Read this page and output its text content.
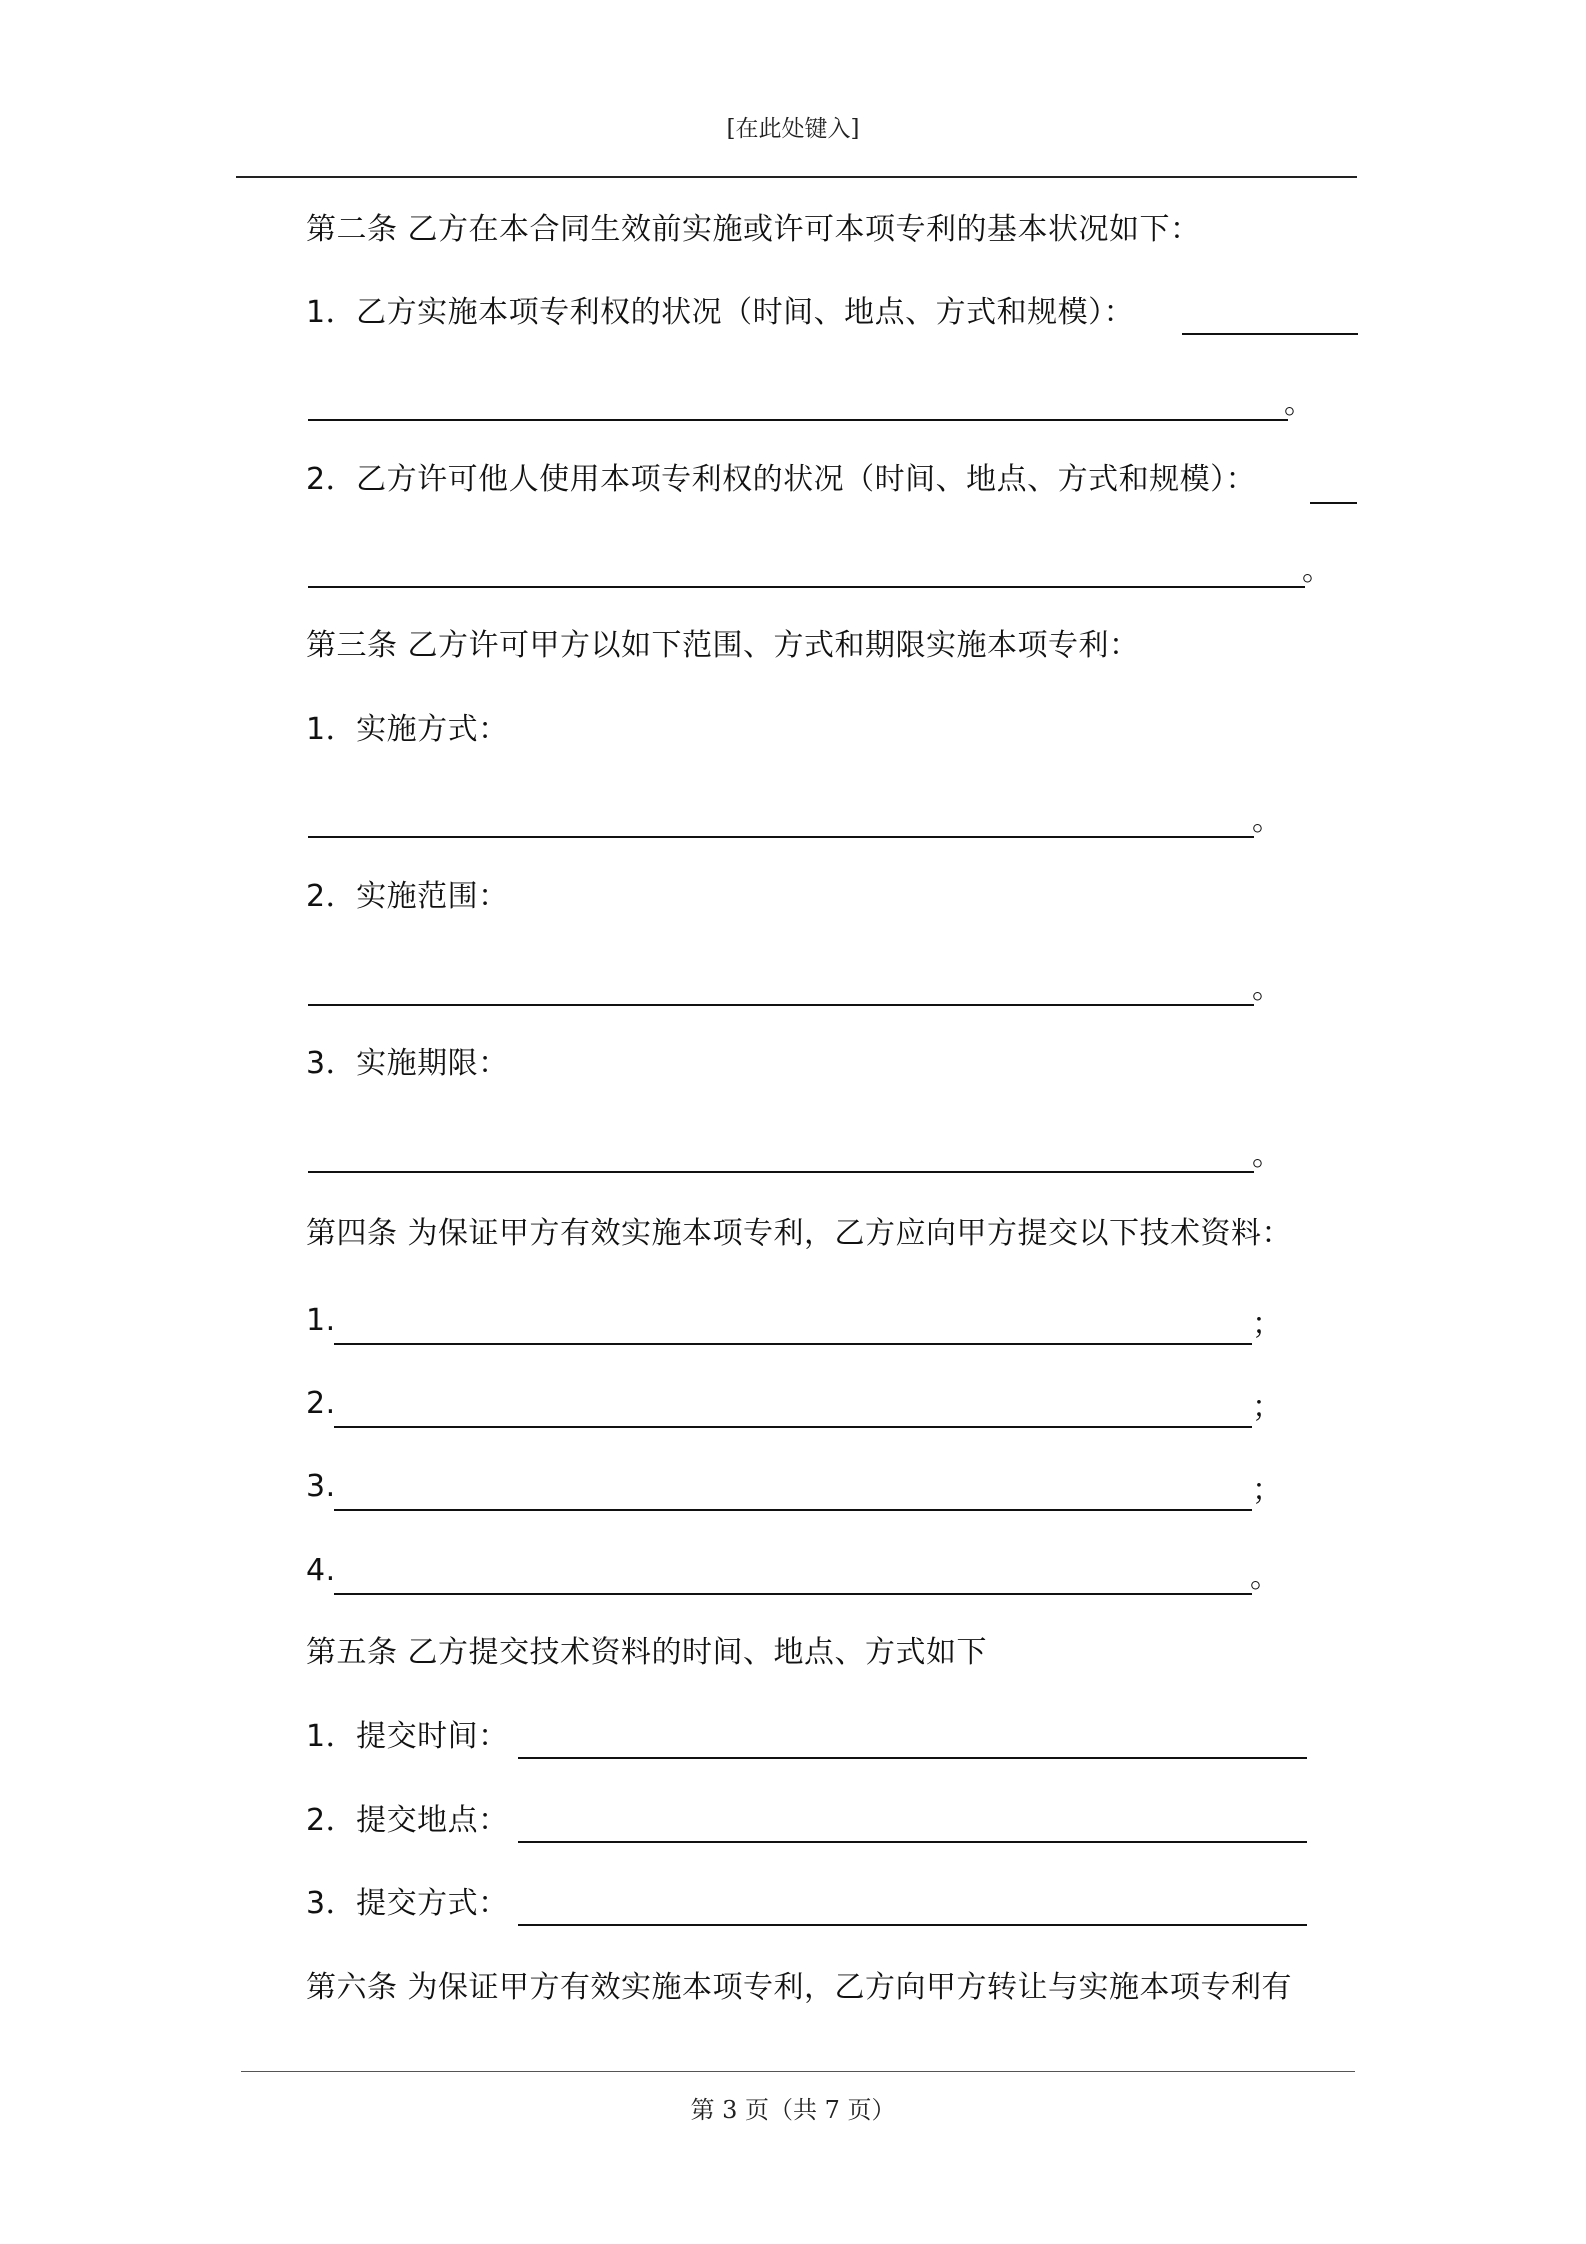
[在此处键入]
第二条 乙方在本合同生效前实施或许可本项专利的基本状况如下：
1．乙方实施本项专利权的状况（时间、地点、方式和规模）：
。
2．乙方许可他人使用本项专利权的状况（时间、地点、方式和规模）：
。
第三条 乙方许可甲方以如下范围、方式和期限实施本项专利：
1．实施方式：
。
2．实施范围：
。
3．实施期限：
。
第四条 为保证甲方有效实施本项专利，乙方应向甲方提交以下技术资料：
1.	；
2.	；
3.	；
4.	。
第五条 乙方提交技术资料的时间、地点、方式如下
1．提交时间：
2．提交地点：
3．提交方式：
第六条 为保证甲方有效实施本项专利，乙方向甲方转让与实施本项专利有
第 3 页（共 7 页）
